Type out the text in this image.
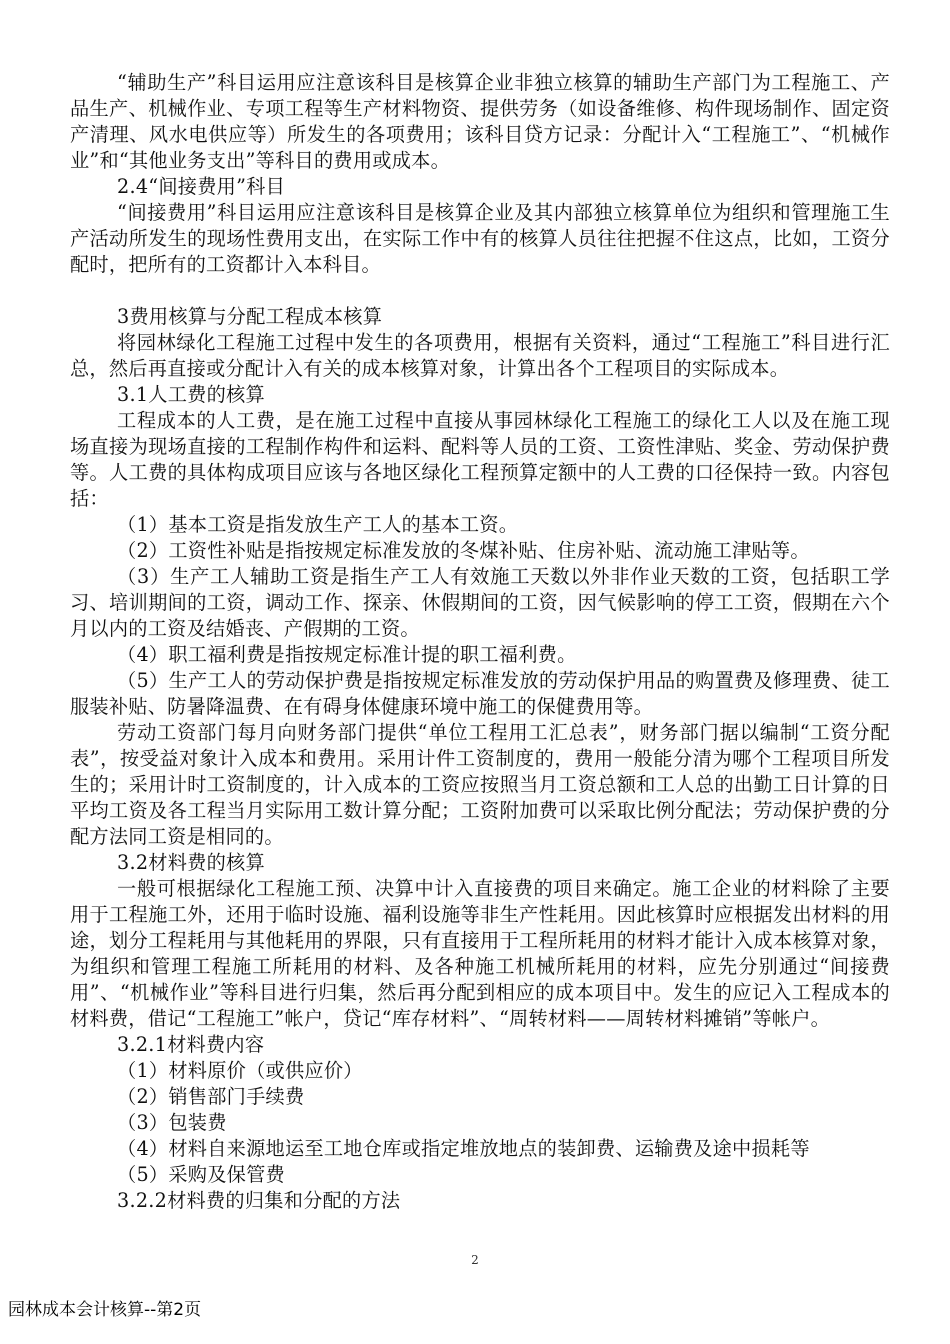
“辅助生产”科目运用应注意该科目是核算企业非独立核算的辅助生产部门为工程施工、产品生产、机械作业、专项工程等生产材料物资、提供劳务（如设备维修、构件现场制作、固定资产清理、风水电供应等）所发生的各项费用；该科目贷方记录：分配计入“工程施工”、“机械作业”和“其他业务支出”等科目的费用或成本。

2.4“间接费用”科目

“间接费用”科目运用应注意该科目是核算企业及其内部独立核算单位为组织和管理施工生产活动所发生的现场性费用支出，在实际工作中有的核算人员往往把握不住这点，比如，工资分配时，把所有的工资都计入本科目。

3费用核算与分配工程成本核算

将园林绿化工程施工过程中发生的各项费用，根据有关资料，通过“工程施工”科目进行汇总，然后再直接或分配计入有关的成本核算对象，计算出各个工程项目的实际成本。

3.1人工费的核算

工程成本的人工费，是在施工过程中直接从事园林绿化工程施工的绿化工人以及在施工现场直接为现场直接的工程制作构件和运料、配料等人员的工资、工资性津贴、奖金、劳动保护费等。人工费的具体构成项目应该与各地区绿化工程预算定额中的人工费的口径保持一致。内容包括：

（1）基本工资是指发放生产工人的基本工资。

（2）工资性补贴是指按规定标准发放的冬煤补贴、住房补贴、流动施工津贴等。

（3）生产工人辅助工资是指生产工人有效施工天数以外非作业天数的工资，包括职工学习、培训期间的工资，调动工作、探亲、休假期间的工资，因气候影响的停工工资，假期在六个月以内的工资及结婚丧、产假期的工资。

（4）职工福利费是指按规定标准计提的职工福利费。

（5）生产工人的劳动保护费是指按规定标准发放的劳动保护用品的购置费及修理费、徒工服装补贴、防暑降温费、在有碍身体健康环境中施工的保健费用等。

劳动工资部门每月向财务部门提供“单位工程用工汇总表”，财务部门据以编制“工资分配表”，按受益对象计入成本和费用。采用计件工资制度的，费用一般能分清为哪个工程项目所发生的；采用计时工资制度的，计入成本的工资应按照当月工资总额和工人总的出勤工日计算的日平均工资及各工程当月实际用工数计算分配；工资附加费可以采取比例分配法；劳动保护费的分配方法同工资是相同的。

3.2材料费的核算

一般可根据绿化工程施工预、决算中计入直接费的项目来确定。施工企业的材料除了主要用于工程施工外，还用于临时设施、福利设施等非生产性耗用。因此核算时应根据发出材料的用途，划分工程耗用与其他耗用的界限，只有直接用于工程所耗用的材料才能计入成本核算对象，为组织和管理工程施工所耗用的材料、及各种施工机械所耗用的材料，应先分别通过“间接费用”、“机械作业”等科目进行归集，然后再分配到相应的成本项目中。发生的应记入工程成本的材料费，借记“工程施工”帐户，贷记“库存材料”、“周转材料——周转材料摊销”等帐户。

3.2.1材料费内容

（1）材料原价（或供应价）

（2）销售部门手续费

（3）包装费

（4）材料自来源地运至工地仓库或指定堆放地点的装卸费、运输费及途中损耗等

（5）采购及保管费

3.2.2材料费的归集和分配的方法

2
园林成本会计核算--第2页
